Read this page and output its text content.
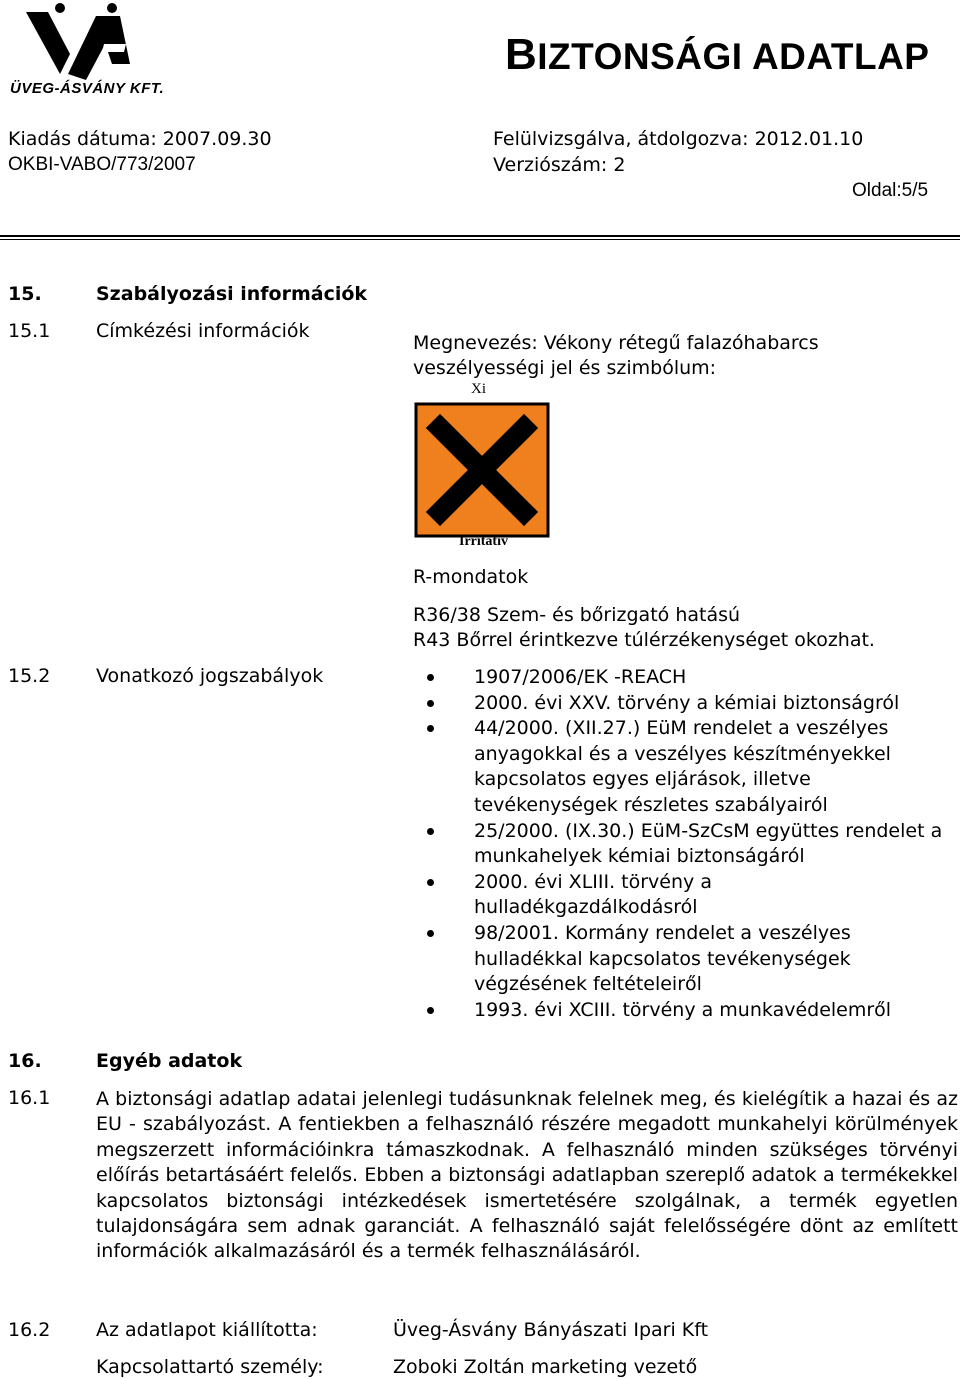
ÜVEG-ÁSVÁNY KFT.
BIZTONSÁGI ADATLAP
Kiadás dátuma: 2007.09.30
OKBI-VABO/773/2007
Felülvizsgálva, átdolgozva: 2012.01.10
Verziószám: 2
Oldal:5/5
15.	Szabályozási információk
15.1 Címkézési információk
Megnevezés: Vékony rétegű falazóhabarcs
veszélyességi jel és szimbólum:
Xi
Irritatív
R-mondatok
R36/38 Szem- és bőrizgató hatású
R43 Bőrrel érintkezve túlérzékenységet okozhat.
15.2 Vonatkozó jogszabályok	1907/2006/EK -REACH
2000. évi XXV. törvény a kémiai biztonságról
44/2000. (XII.27.) EüM rendelet a veszélyes anyagokkal és a veszélyes készítményekkel kapcsolatos egyes eljárások, illetve tevékenységek részletes szabályairól
25/2000. (IX.30.) EüM-SzCsM együttes rendelet a munkahelyek kémiai biztonságáról
2000. évi XLIII. törvény a hulladékgazdálkodásról
98/2001. Kormány rendelet a veszélyes hulladékkal kapcsolatos tevékenységek végzésének feltételeiről
1993. évi XCIII. törvény a munkavédelemről
16.	Egyéb adatok
16.1 A biztonsági adatlap adatai jelenlegi tudásunknak felelnek meg, és kielégítik a hazai és az EU - szabályozást. A fentiekben a felhasználó részére megadott munkahelyi körülmények megszerzett információinkra támaszkodnak. A felhasználó minden szükséges törvényi előírás betartásáért felelős. Ebben a biztonsági adatlapban szereplő adatok a termékekkel kapcsolatos biztonsági intézkedések ismertetésére szolgálnak, a termék egyetlen tulajdonságára sem adnak garanciát. A felhasználó saját felelősségére dönt az említett információk alkalmazásáról és a termék felhasználásáról.
16.2 Az adatlapot kiállította:	Üveg-Ásvány Bányászati Ipari Kft
Kapcsolattartó személy:	Zoboki Zoltán marketing vezető
